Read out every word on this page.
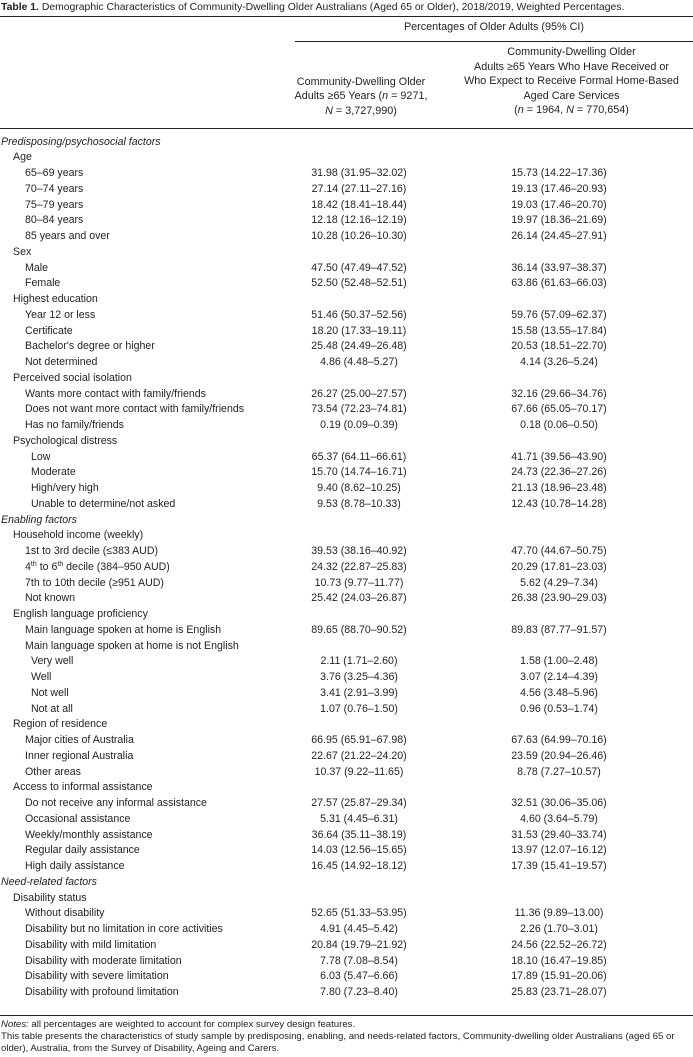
Table 1. Demographic Characteristics of Community-Dwelling Older Australians (Aged 65 or Older), 2018/2019, Weighted Percentages.
Percentages of Older Adults (95% CI)
Community-Dwelling Older
Adults ≥65 Years (n = 9271,
N = 3,727,990)
Community-Dwelling Older
Adults ≥65 Years Who Have Received or
Who Expect to Receive Formal Home-Based
Aged Care Services
(n = 1964, N = 770,654)
Predisposing/psychosocial factors
Age
65–69 years	31.98 (31.95–32.02)	15.73 (14.22–17.36)
70–74 years	27.14 (27.11–27.16)	19.13 (17.46–20.93)
75–79 years	18.42 (18.41–18.44)	19.03 (17.46–20.70)
80–84 years	12.18 (12.16–12.19)	19.97 (18.36–21.69)
85 years and over	10.28 (10.26–10.30)	26.14 (24.45–27.91)
Sex
Male	47.50 (47.49–47.52)	36.14 (33.97–38.37)
Female	52.50 (52.48–52.51)	63.86 (61.63–66.03)
Highest education
Year 12 or less	51.46 (50.37–52.56)	59.76 (57.09–62.37)
Certificate	18.20 (17.33–19.11)	15.58 (13.55–17.84)
Bachelor's degree or higher	25.48 (24.49–26.48)	20.53 (18.51–22.70)
Not determined	4.86 (4.48–5.27)	4.14 (3.26–5.24)
Perceived social isolation
Wants more contact with family/friends	26.27 (25.00–27.57)	32.16 (29.66–34.76)
Does not want more contact with family/friends	73.54 (72.23–74.81)	67.66 (65.05–70.17)
Has no family/friends	0.19 (0.09–0.39)	0.18 (0.06–0.50)
Psychological distress
Low	65.37 (64.11–66.61)	41.71 (39.56–43.90)
Moderate	15.70 (14.74–16.71)	24.73 (22.36–27.26)
High/very high	9.40 (8.62–10.25)	21.13 (18.96–23.48)
Unable to determine/not asked	9.53 (8.78–10.33)	12.43 (10.78–14.28)
Enabling factors
Household income (weekly)
1st to 3rd decile (≤383 AUD)	39.53 (38.16–40.92)	47.70 (44.67–50.75)
4th to 6th decile (384–950 AUD)	24.32 (22.87–25.83)	20.29 (17.81–23.03)
7th to 10th decile (≥951 AUD)	10.73 (9.77–11.77)	5.62 (4.29–7.34)
Not known	25.42 (24.03–26.87)	26.38 (23.90–29.03)
English language proficiency
Main language spoken at home is English	89.65 (88.70–90.52)	89.83 (87.77–91.57)
Main language spoken at home is not English
Very well	2.11 (1.71–2.60)	1.58 (1.00–2.48)
Well	3.76 (3.25–4.36)	3.07 (2.14–4.39)
Not well	3.41 (2.91–3.99)	4.56 (3.48–5.96)
Not at all	1.07 (0.76–1.50)	0.96 (0.53–1.74)
Region of residence
Major cities of Australia	66.95 (65.91–67.98)	67.63 (64.99–70.16)
Inner regional Australia	22.67 (21.22–24.20)	23.59 (20.94–26.46)
Other areas	10.37 (9.22–11.65)	8.78 (7.27–10.57)
Access to informal assistance
Do not receive any informal assistance	27.57 (25.87–29.34)	32.51 (30.06–35.06)
Occasional assistance	5.31 (4.45–6.31)	4.60 (3.64–5.79)
Weekly/monthly assistance	36.64 (35.11–38.19)	31.53 (29.40–33.74)
Regular daily assistance	14.03 (12.56–15.65)	13.97 (12.07–16.12)
High daily assistance	16.45 (14.92–18.12)	17.39 (15.41–19.57)
Need-related factors
Disability status
Without disability	52.65 (51.33–53.95)	11.36 (9.89–13.00)
Disability but no limitation in core activities	4.91 (4.45–5.42)	2.26 (1.70–3.01)
Disability with mild limitation	20.84 (19.79–21.92)	24.56 (22.52–26.72)
Disability with moderate limitation	7.78 (7.08–8.54)	18.10 (16.47–19.85)
Disability with severe limitation	6.03 (5.47–6.66)	17.89 (15.91–20.06)
Disability with profound limitation	7.80 (7.23–8.40)	25.83 (23.71–28.07)
Notes: all percentages are weighted to account for complex survey design features.
This table presents the characteristics of study sample by predisposing, enabling, and needs-related factors, Community-dwelling older Australians (aged 65 or
older), Australia, from the Survey of Disability, Ageing and Carers.
